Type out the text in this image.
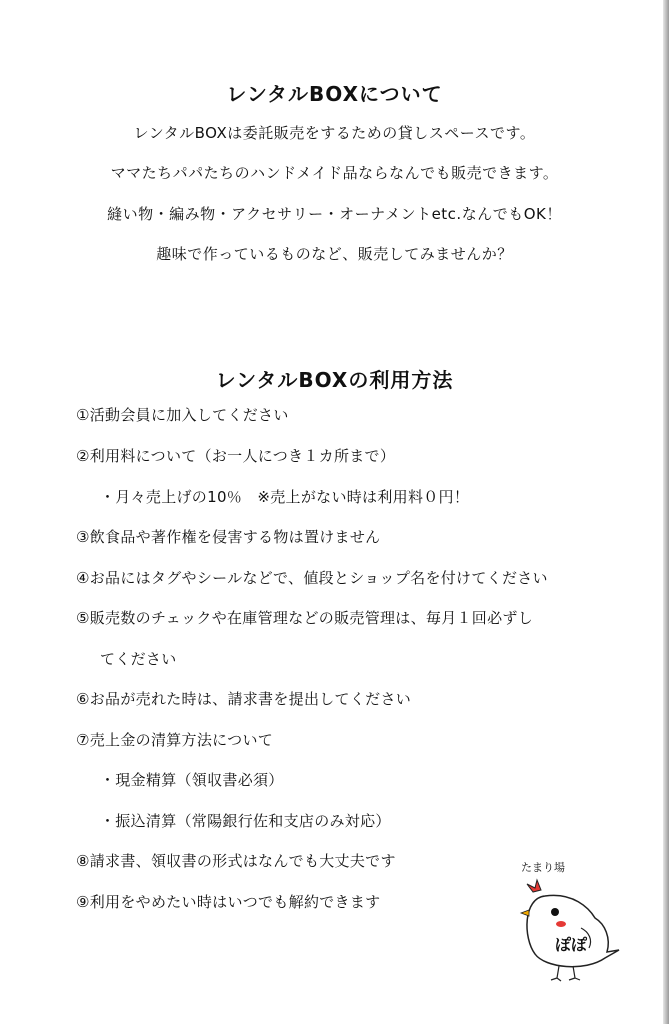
レンタルBOXについて
レンタルBOXは委託販売をするための貸しスペースです。
ママたちパパたちのハンドメイド品ならなんでも販売できます。
縫い物・編み物・アクセサリー・オーナメントetc.なんでもOK！
趣味で作っているものなど、販売してみませんか？
レンタルBOXの利用方法
①活動会員に加入してください
②利用料について（お一人につき１カ所まで）
・月々売上げの10％　※売上がない時は利用料０円！
③飲食品や著作権を侵害する物は置けません
④お品にはタグやシールなどで、値段とショップ名を付けてください
⑤販売数のチェックや在庫管理などの販売管理は、毎月１回必ずし
てください
⑥お品が売れた時は、請求書を提出してください
⑦売上金の清算方法について
・現金精算（領収書必須）
・振込清算（常陽銀行佐和支店のみ対応）
⑧請求書、領収書の形式はなんでも大丈夫です
⑨利用をやめたい時はいつでも解約できます
たまり場
ぽぽ
